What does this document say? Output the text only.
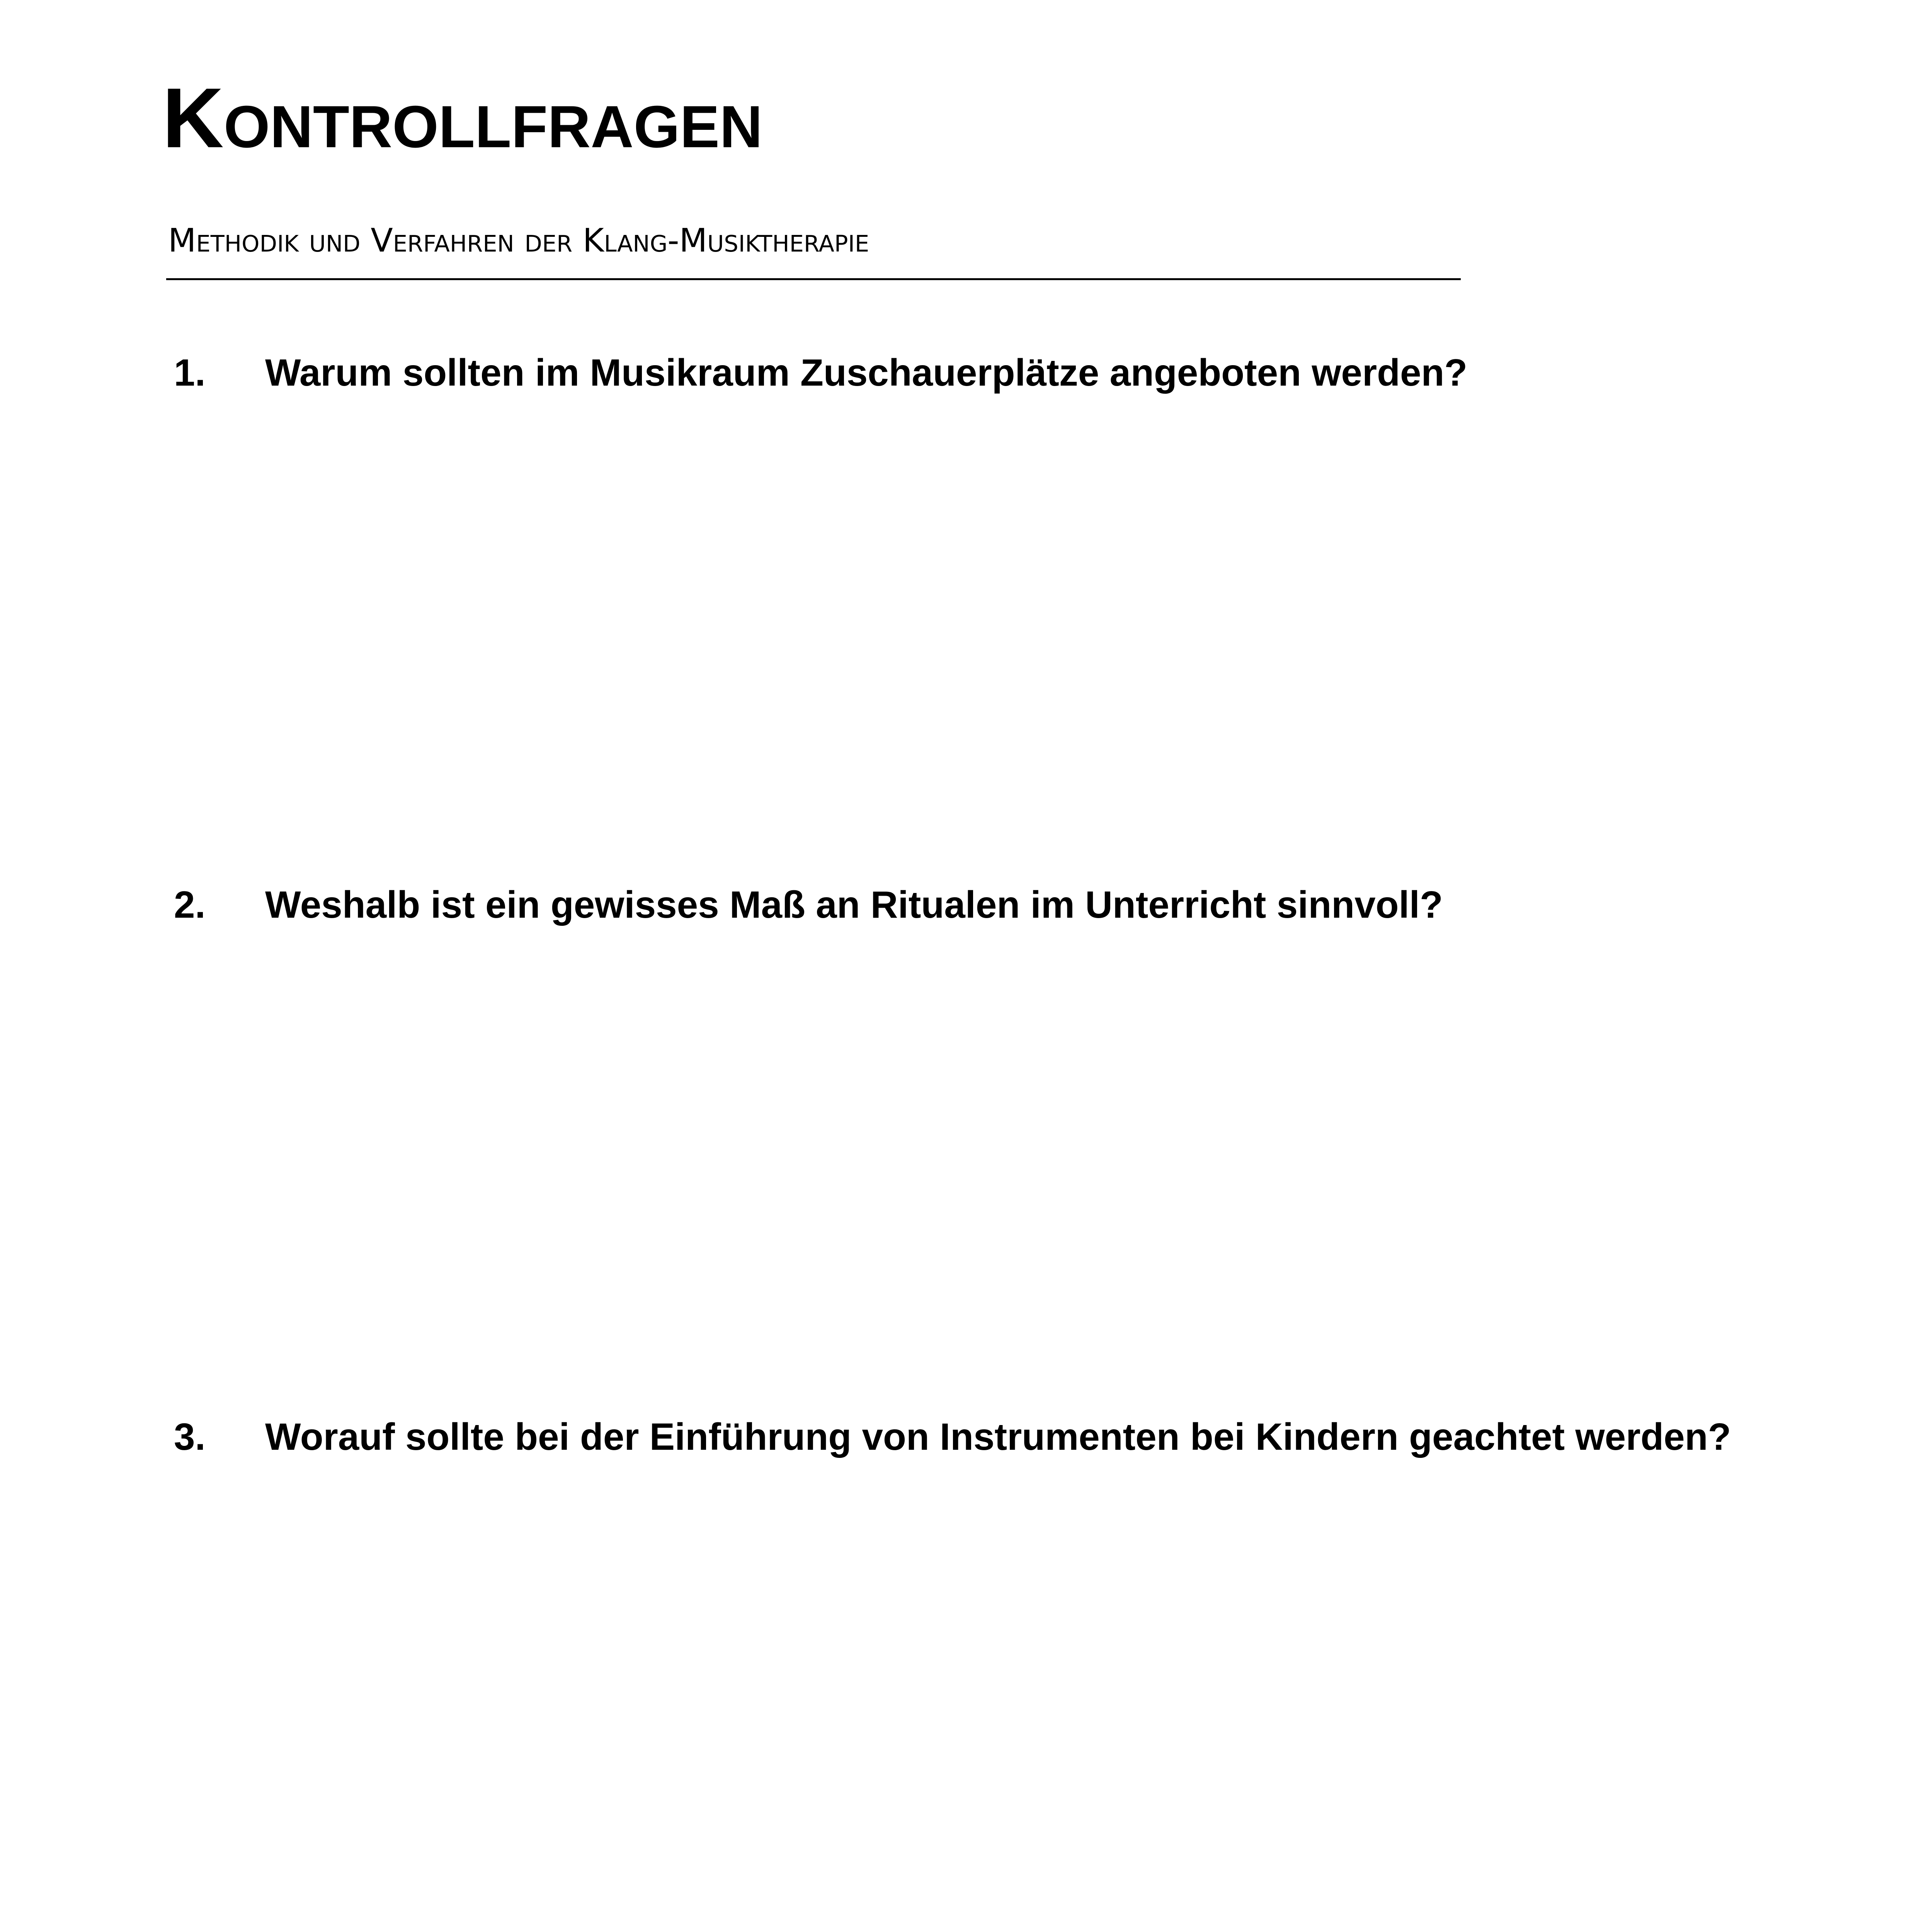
Kontrollfragen
Methodik und Verfahren der Klang-Musiktherapie
1. Warum sollten im Musikraum Zuschauerplätze angeboten werden?
2. Weshalb ist ein gewisses Maß an Ritualen im Unterricht sinnvoll?
3. Worauf sollte bei der Einführung von Instrumenten bei Kindern geachtet werden?
